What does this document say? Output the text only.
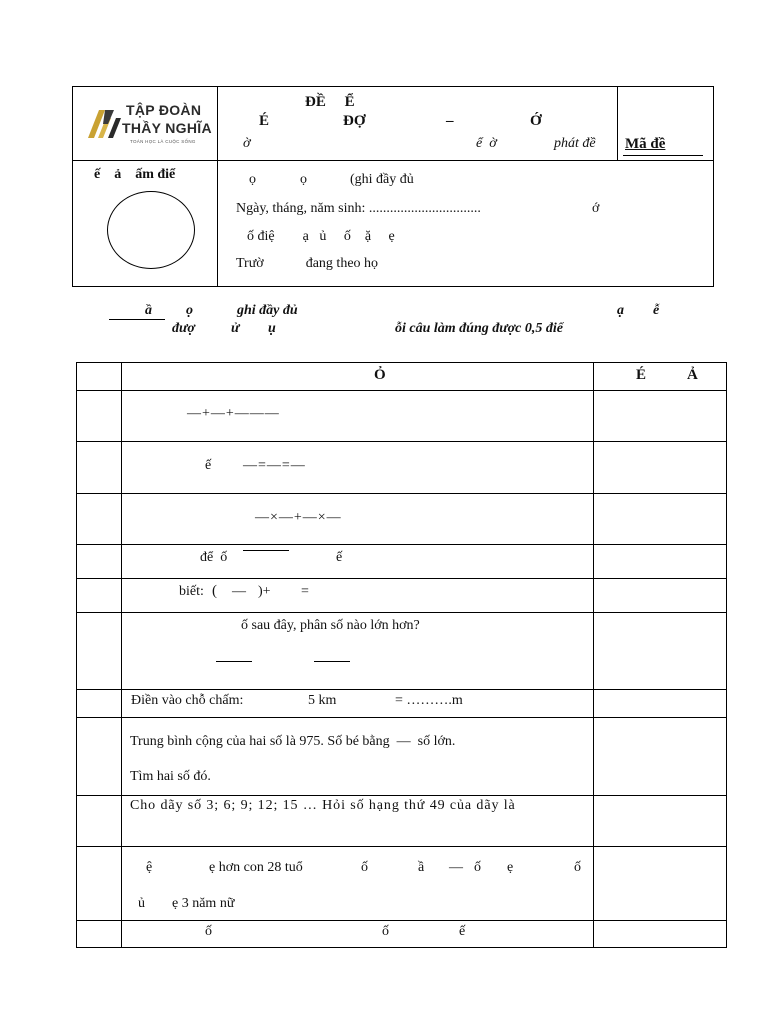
TẬP ĐOÀN
THẦY NGHĨA
TOÁN HỌC LÀ CUỘC SỐNG
ĐỀ     Ể
É	ĐỢ	–	Ớ
ờ	ể  ờ	phát đề Mã đề
ế    ả    ấm điể	ọ	ọ	(ghi đầy đủ
Ngày, tháng, năm sinh: ................................	ớ
ố điệ        ạ   ủ     ố    ặ     ẹ
Trườ            đang theo họ
ầ ọ	ghi đầy đủ	ạ ễ
đượ	ử ụ	ỗi câu làm đúng được 0,5 điể
Ỏ	É	Ả
—+—+———
ế —=—=—
—×—+—×—
để  ố	ế
biết: ( — )+ =
ố sau đây, phân số nào lớn hơn?
Điền vào chỗ chấm:	5 km	= ……….m
Trung bình cộng của hai số là 975. Số bé bằng  —  số lớn.
Tìm hai số đó.
Cho dãy số 3; 6; 9; 12; 15 … Hỏi số hạng thứ 49 của dãy là
ệ	ẹ hơn con 28 tuổ	ố	ầ — ố ẹ	ố
ủ ẹ 3 năm nữ
ố	ố	ế
